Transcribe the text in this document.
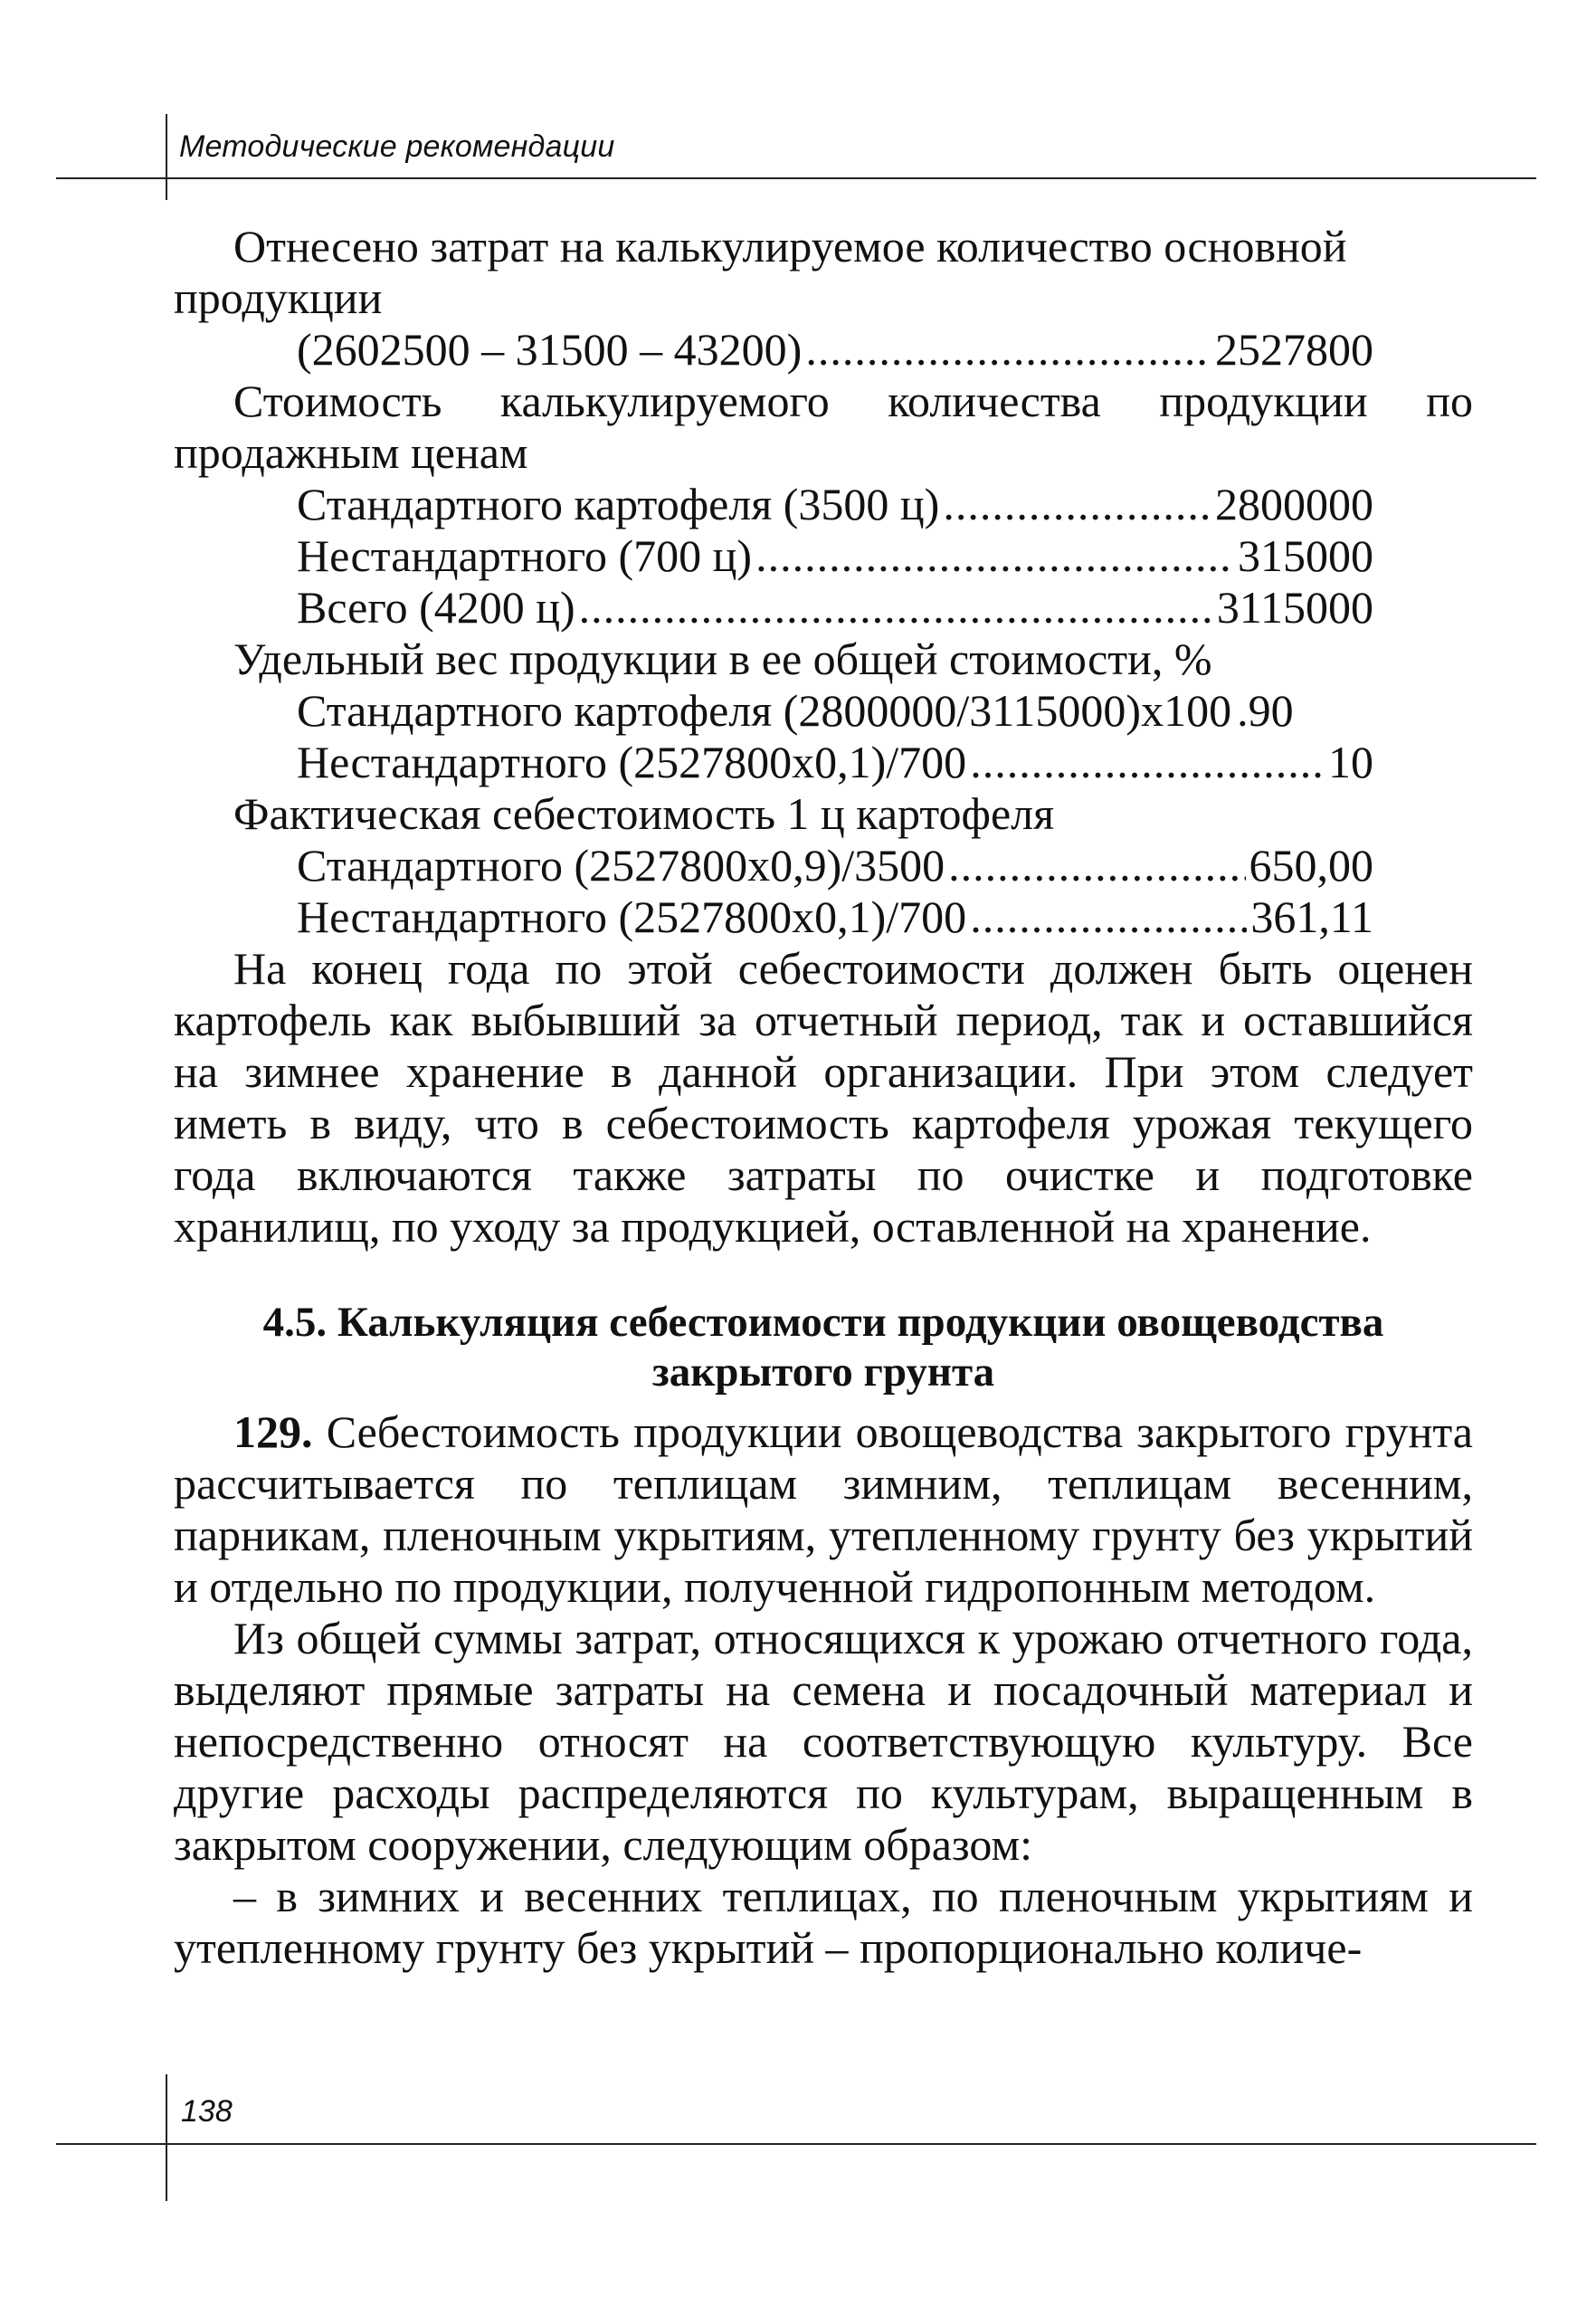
Методические рекомендации

Отнесено затрат на калькулируемое количество основной продукции

(2602500 – 31500 – 43200) .....	2527800

Стоимость калькулируемого количества продукции по продажным ценам

Стандартного картофеля (3500 ц) .....	2800000
Нестандартного (700 ц) .....	315000
Всего (4200 ц) .....	3115000

Удельный вес продукции в ее общей стоимости, %

Стандартного картофеля (2800000/3115000)х100 .90
Нестандартного (2527800х0,1)/700 .....	10

Фактическая себестоимость 1 ц картофеля

Стандартного (2527800х0,9)/3500 .....	650,00
Нестандартного (2527800х0,1)/700 .....	361,11

На конец года по этой себестоимости должен быть оценен картофель как выбывший за отчетный период, так и оставшийся на зимнее хранение в данной организации. При этом следует иметь в виду, что в себестоимость картофеля урожая текущего года включаются также затраты по очистке и подготовке хранилищ, по уходу за продукцией, оставленной на хранение.

4.5. Калькуляция себестоимости продукции овощеводства
закрытого грунта

129. Себестоимость продукции овощеводства закрытого грунта рассчитывается по теплицам зимним, теплицам весенним, парникам, пленочным укрытиям, утепленному грунту без укрытий и отдельно по продукции, полученной гидропонным методом.

Из общей суммы затрат, относящихся к урожаю отчетного года, выделяют прямые затраты на семена и посадочный материал и непосредственно относят на соответствующую культуру. Все другие расходы распределяются по культурам, выращенным в закрытом сооружении, следующим образом:

– в зимних и весенних теплицах, по пленочным укрытиям и утепленному грунту без укрытий – пропорционально количе-

138
